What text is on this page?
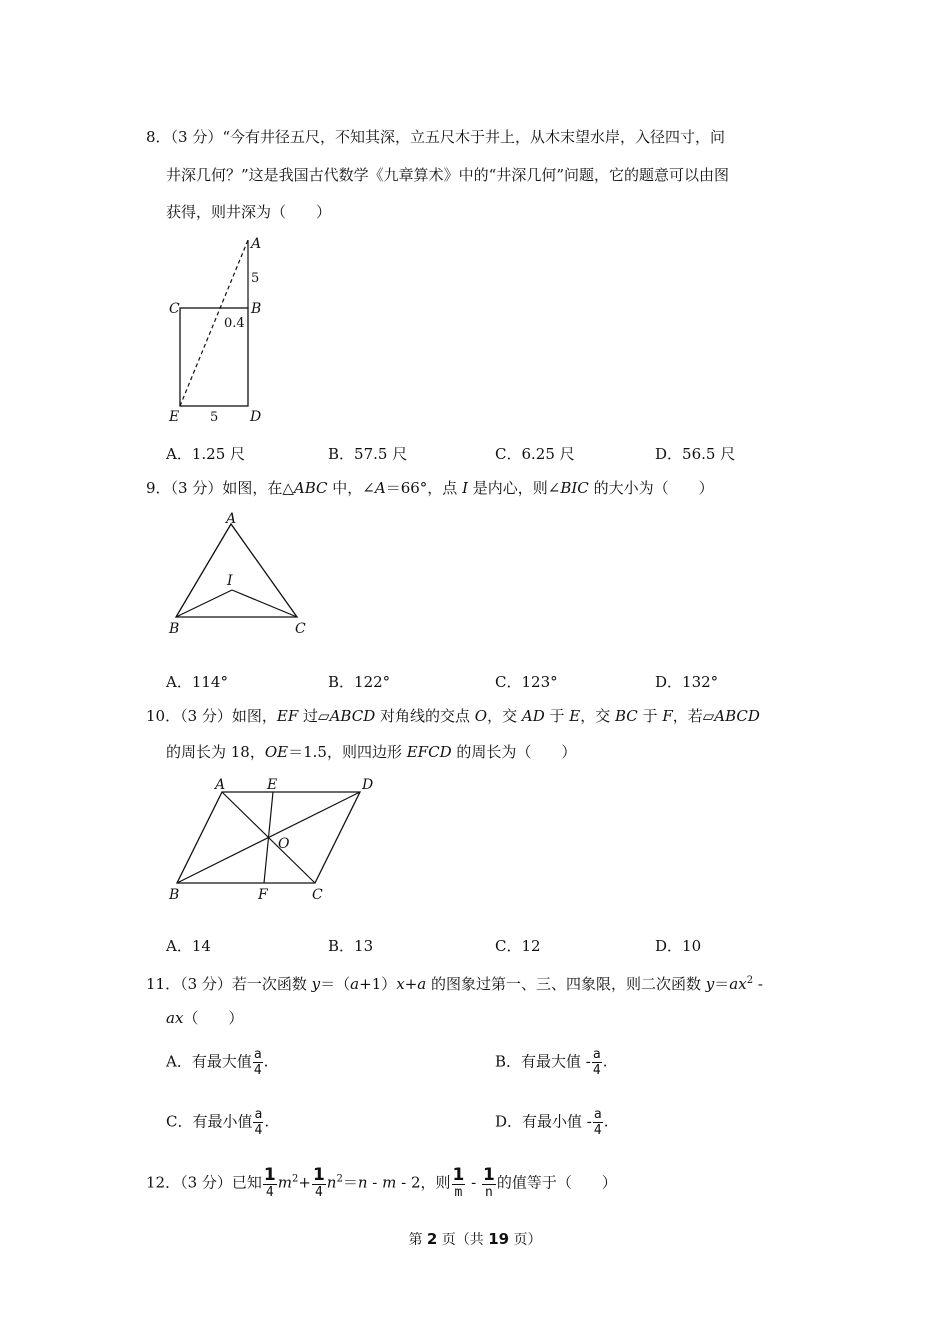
8．（3 分）“今有井径五尺，不知其深，立五尺木于井上，从木末望水岸，入径四寸，问
井深几何？”这是我国古代数学《九章算术》中的“井深几何”问题，它的题意可以由图
获得，则井深为（　　）
A
5
B
C
0.4
E 5 D
A．1.25 尺	B．57.5 尺	C．6.25 尺	D．56.5 尺
9．（3 分）如图，在△ABC 中，∠A＝66°，点 I 是内心，则∠BIC 的大小为（　　）
A
I
B	C
A．114°	B．122°	C．123°	D．132°
10．（3 分）如图，EF 过▱ABCD 对角线的交点 O，交 AD 于 E，交 BC 于 F，若▱ABCD
的周长为 18，OE＝1.5，则四边形 EFCD 的周长为（　　）
A	E	D
O
B	F	C
A．14	B．13	C．12	D．10
11．（3 分）若一次函数 y＝（a+1）x+a 的图象过第一、三、四象限，则二次函数 $y=ax^2$ -
ax（　　）
A．有最大值 $\frac{a}{4}$ .	B．有最大值 - $\frac{a}{4}$ .
C．有最小值 $\frac{a}{4}$ .	D．有最小值 - $\frac{a}{4}$ .
12．（3 分）已知 $\frac{1}{4} m^2+ \frac{1}{4} n^2=n - m - 2$，则 $\frac{1}{m} - \frac{1}{n}$ 的值等于（　　）
第 2 页（共 19 页）
